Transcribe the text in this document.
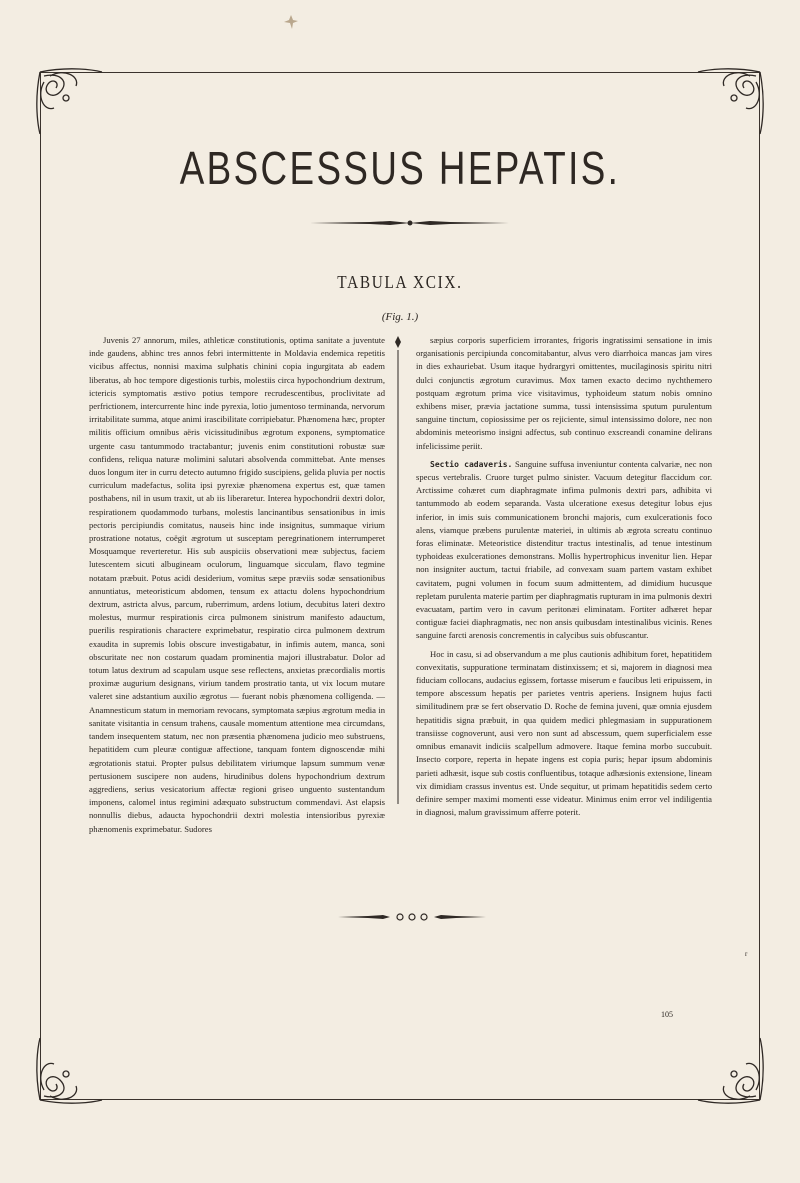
ABSCESSUS HEPATIS.
TABULA XCIX.
(Fig. 1.)

Juvenis 27 annorum, miles, athleticæ constitutionis, optima sanitate a juventute inde gaudens, abhinc tres annos febri intermittente in Moldavia endemica repetitis vicibus affectus, nonnisi maxima sulphatis chinini copia ingurgitata ab eadem liberatus, ab hoc tempore digestionis turbis, molestiis circa hypochondrium dextrum, ictericis symptomatis æstivo potius tempore recrudescentibus, proclivitate ad perfrictionem, intercurrente hinc inde pyrexia, lotio jumentoso terminanda, nervorum irritabilitate summa, atque animi irascibilitate corripiebatur. Phænomena hæc, propter militis officium omnibus aëris vicissitudinibus ægrotum exponens, symptomatice urgente casu tantummodo tractabantur; juvenis enim constitutioni robustæ suæ confidens, reliqua naturæ molimini salutari absolvenda committebat. Ante menses duos longum iter in curru detecto autumno frigido suscipiens, gelida pluvia per noctis curriculum madefactus, solita ipsi pyrexiæ phænomena expertus est, quæ tamen posthabens, nil in usum traxit, ut ab iis liberaretur. Interea hypochondrii dextri dolor, respirationem quodammodo turbans, molestis lancinantibus sensationibus in imis pectoris percipiundis comitatus, nauseis hinc inde insignitus, summaque virium prostratione notatus, coëgit ægrotum ut susceptam peregrinationem interrumperet Mosquamque reverteretur. His sub auspiciis observationi meæ subjectus, faciem lutescentem sicuti albugineam oculorum, linguamque sicculam, flavo tegmine notatam præbuit. Potus acidi desiderium, vomitus sæpe præviis sodæ sensationibus annuntiatus, meteoristicum abdomen, tensum ex attactu dolens hypochondrium dextrum, astricta alvus, parcum, ruberrimum, ardens lotium, decubitus lateri dextro molestus, murmur respirationis circa pulmonem sinistrum manifesto adauctum, puerilis respirationis charactere exprimebatur, respiratio circa pulmonem dextrum exaudita in supremis lobis obscure investigabatur, in infimis autem, manca, soni obscuritate nec non costarum quadam prominentia majori illustrabatur. Dolor ad totum latus dextrum ad scapulam usque sese reflectens, anxietas præcordialis mortis proximæ augurium designans, virium tandem prostratio tanta, ut vix locum mutare valeret sine adstantium auxilio ægrotus — fuerant nobis phænomena colligenda. — Anamnesticum statum in memoriam revocans, symptomata sæpius ægrotum media in sanitate visitantia in censum trahens, causale momentum attentione mea circumdans, tandem insequentem statum, nec non præsentia phænomena judicio meo substruens, hepatitidem cum pleuræ contiguæ affectione, tanquam fontem dignoscendæ mihi ægrotationis statui. Propter pulsus debilitatem viriumque lapsum summum venæ pertusionem suscipere non audens, hirudinibus dolens hypochondrium dextrum aggrediens, serius vesicatorium affectæ regioni griseo unguento sustentandum imponens, calomel intus regimini adæquato substructum commendavi. Ast elapsis nonnullis diebus, adaucta hypochondrii dextri molestia intensioribus pyrexiæ phænomenis exprimebatur. Sudores

sæpius corporis superficiem irrorantes, frigoris ingratissimi sensatione in imis organisationis percipiunda concomitabantur, alvus vero diarrhoica mancas jam vires in dies exhauriebat. Usum itaque hydrargyri omittentes, mucilaginosis spiritu nitri dulci conjunctis ægrotum curavimus. Mox tamen exacto decimo nychthemero postquam ægrotum prima vice visitavimus, typhoideum statum nobis omnino exhibens miser, prævia jactatione summa, tussi intensissima sputum purulentum sanguine tinctum, copiosissime per os rejiciente, simul intensissimo dolore, nec non abdominis meteorismo insigni adfectus, sub continuo exscreandi conamine delirans infelicissime periit.

Sectio cadaveris. Sanguine suffusa inveniuntur contenta calvariæ, nec non specus vertebralis. Cruore turget pulmo sinister. Vacuum detegitur flaccidum cor. Arctissime cohæret cum diaphragmate infima pulmonis dextri pars, adhibita vi tantummodo ab eodem separanda. Vasta ulceratione exesus detegitur lobus ejus inferior, in imis suis communicationem bronchi majoris, cum exulcerationis foco alens, viamque præbens purulentæ materiei, in ultimis ab ægrota screatu continuo foras eliminatæ. Meteoristice distenditur tractus intestinalis, ad tenue intestinum typhoideas exulcerationes demonstrans. Mollis hypertrophicus invenitur lien. Hepar non insigniter auctum, tactui friabile, ad convexam suam partem vastam exhibet cavitatem, pugni volumen in focum suum admittentem, ad dimidium hucusque repletam purulenta materie partim per diaphragmatis rupturam in ima pulmonis dextri evacuatam, partim vero in cavum peritonæi eliminatam. Fortiter adhæret hepar contiguæ faciei diaphragmatis, nec non ansis quibusdam intestinalibus vicinis. Renes sanguine farcti arenosis concrementis in calycibus suis obfuscantur.

Hoc in casu, si ad observandum a me plus cautionis adhibitum foret, hepatitidem convexitatis, suppuratione terminatam distinxissem; et si, majorem in diagnosi mea fiduciam collocans, audacius egissem, fortasse miserum e faucibus leti eripuissem, in tempore abscessum hepatis per parietes ventris aperiens. Insignem hujus facti similitudinem præ se fert observatio D. Roche de femina juveni, quæ omnia ejusdem hepatitidis signa præbuit, in qua quidem medici phlegmasiam in suppurationem transiisse cognoverunt, ausi vero non sunt ad abscessum, quem superficialem esse omnibus emanavit indiciis scalpellum admovere. Itaque femina morbo succubuit. Insecto corpore, reperta in hepate ingens est copia puris; hepar ipsum abdominis parieti adhæsit, isque sub costis confluentibus, totaque adhæsionis extensione, lineam vix dimidiam crassus inventus est. Unde sequitur, ut primam hepatitidis sedem certo definire semper maximi momenti esse videatur. Minimus enim error vel indiligentia in diagnosi, malum gravissimum afferre poterit.

105
r
